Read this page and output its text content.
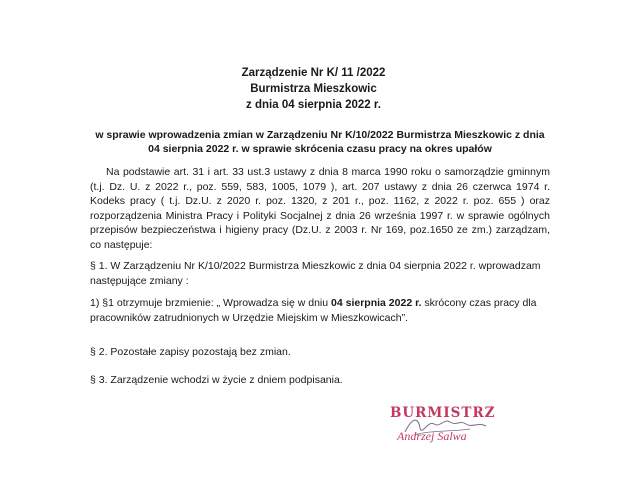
Zarządzenie Nr K/ 11 /2022
Burmistrza Mieszkowic
z dnia 04 sierpnia 2022 r.
w sprawie wprowadzenia zmian w Zarządzeniu Nr K/10/2022 Burmistrza Mieszkowic z dnia 04 sierpnia 2022 r. w sprawie skrócenia czasu pracy na okres upałów
Na podstawie art. 31 i art. 33 ust.3 ustawy z dnia 8 marca 1990 roku o samorządzie gminnym (t.j. Dz. U. z 2022 r., poz. 559, 583, 1005, 1079 ), art. 207 ustawy z dnia 26 czerwca 1974 r. Kodeks pracy ( t.j. Dz.U. z 2020 r. poz. 1320, z 201 r., poz. 1162, z 2022 r. poz. 655 ) oraz rozporządzenia Ministra Pracy i Polityki Socjalnej z dnia 26 września 1997 r. w sprawie ogólnych przepisów bezpieczeństwa i higieny pracy (Dz.U. z 2003 r. Nr 169, poz.1650 ze zm.) zarządzam, co następuje:
§ 1. W Zarządzeniu Nr K/10/2022 Burmistrza Mieszkowic z dnia 04 sierpnia 2022 r. wprowadzam następujące zmiany :
1) §1 otrzymuje brzmienie: „ Wprowadza się w dniu 04 sierpnia 2022 r. skrócony czas pracy dla pracowników zatrudnionych w Urzędzie Miejskim w Mieszkowicach”.
§ 2. Pozostałe zapisy pozostają bez zmian.
§ 3. Zarządzenie wchodzi w życie z dniem podpisania.
BURMISTRZ
Andrzej Salwa
